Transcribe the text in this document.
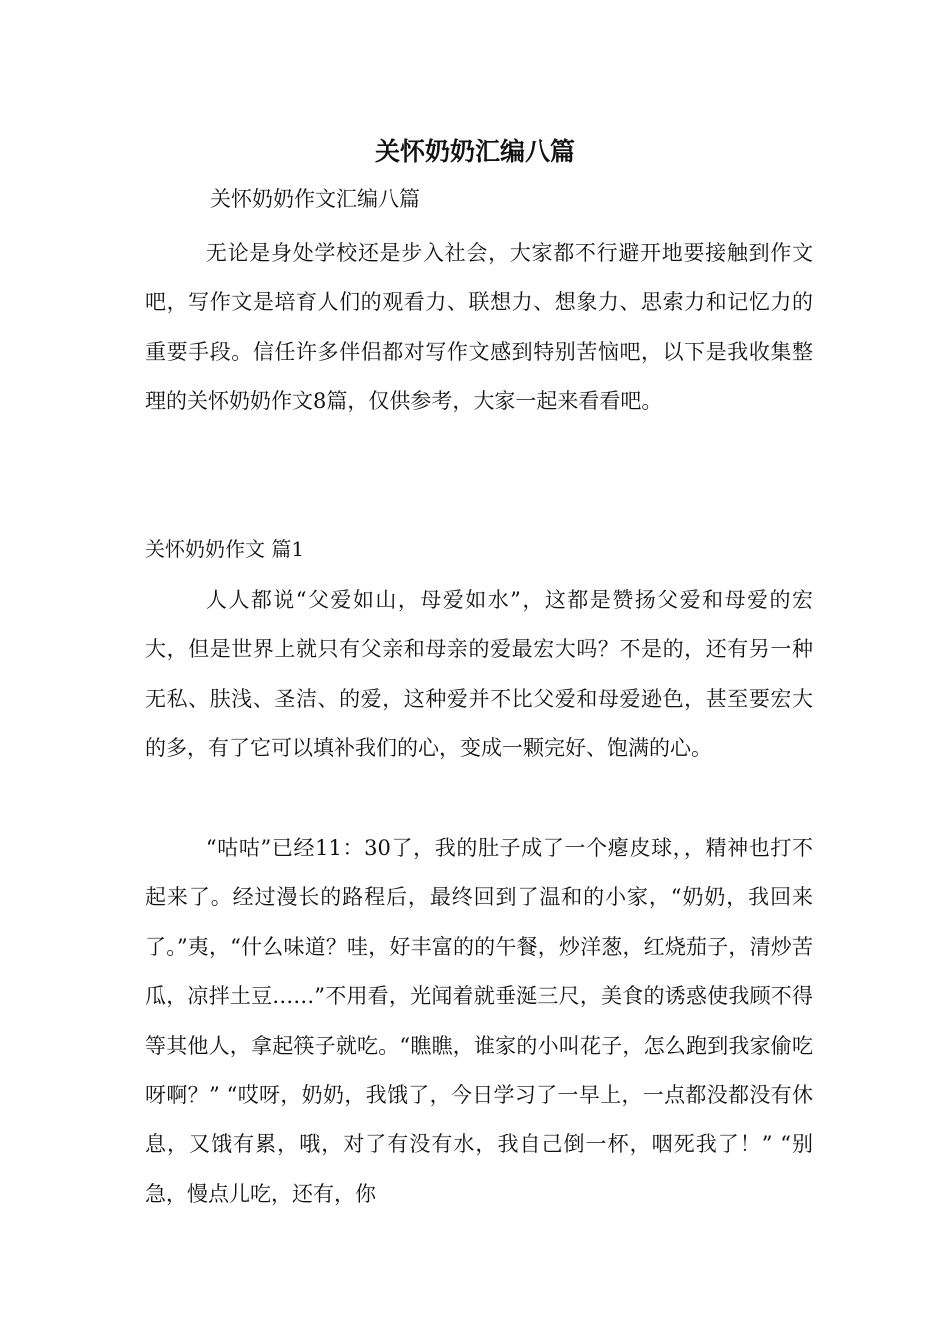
关怀奶奶汇编八篇

关怀奶奶作文汇编八篇

无论是身处学校还是步入社会，大家都不行避开地要接触到作文吧，写作文是培育人们的观看力、联想力、想象力、思索力和记忆力的重要手段。信任许多伴侣都对写作文感到特别苦恼吧，以下是我收集整理的关怀奶奶作文8篇，仅供参考，大家一起来看看吧。

关怀奶奶作文 篇1

人人都说“父爱如山，母爱如水”，这都是赞扬父爱和母爱的宏大，但是世界上就只有父亲和母亲的爱最宏大吗？不是的，还有另一种无私、肤浅、圣洁、的爱，这种爱并不比父爱和母爱逊色，甚至要宏大的多，有了它可以填补我们的心，变成一颗完好、饱满的心。

“咕咕”已经11：30了，我的肚子成了一个瘪皮球，，精神也打不起来了。经过漫长的路程后，最终回到了温和的小家，“奶奶，我回来了。”夷，“什么味道？哇，好丰富的的午餐，炒洋葱，红烧茄子，清炒苦瓜，凉拌土豆……”不用看，光闻着就垂涎三尺，美食的诱惑使我顾不得等其他人，拿起筷子就吃。“瞧瞧，谁家的小叫花子，怎么跑到我家偷吃呀啊？” “哎呀，奶奶，我饿了，今日学习了一早上，一点都没都没有休息，又饿有累，哦，对了有没有水，我自己倒一杯，咽死我了！” “别急，慢点儿吃，还有，你
